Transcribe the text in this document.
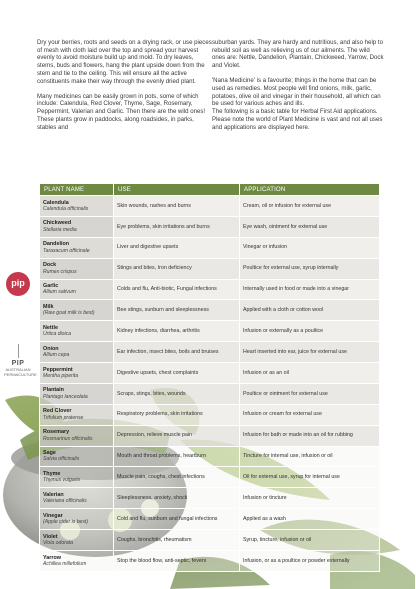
Dry your berries, roots and seeds on a drying rack, or use pieces of mesh with cloth laid over the top and spread your harvest evenly to avoid moisture build up and mold. To dry leaves, stems, buds and flowers, hang the plant upside down from the stem and tie to the ceiling. This will ensure all the active constituents make their way through the evenly dried plant.

Many medicines can be easily grown in pots, some of which include: Calendula, Red Clover, Thyme, Sage, Rosemary, Peppermint, Valerian and Garlic. Then there are the wild ones! These plants grow in paddocks, along roadsides, in parks, stables and

suburban yards. They are hardy and nutritious, and also help to rebuild soil as well as relieving us of our ailments. The wild ones are: Nettle, Dandelion, Plantain, Chickweed, Yarrow, Dock and Violet.

'Nana Medicine' is a favourite; things in the home that can be used as remedies. Most people will find onions, milk, garlic, potatoes, olive oil and vinegar in their household, all which can be used for various aches and ills.

The following is a basic table for Herbal First Aid applications.

Please note the world of Plant Medicine is vast and not all uses and applications are displayed here.

pip
PIP
AUSTRALIAN
PERMACULTURE
PLANT NAME	USE	APPLICATION

Calendula
Calendula officinalis	Skin wounds, rashes and burns	Cream, oil or infusion for external use

Chickweed
Stellaria media	Eye problems, skin irritations and burns	Eye wash, ointment for external use

Dandelion
Taraxacum officinale	Liver and digestive upsets	Vinegar or infusion

Dock
Rumex crispus	Stings and bites, Iron deficiency	Poultice for external use, syrup internally

Garlic
Allium sativum	Colds and flu, Anti-biotic, Fungal infections	Internally used in food or made into a vinegar

Milk
(Raw goat milk is best)	Bee stings, sunburn and sleeplessness	Applied with a cloth or cotton wool

Nettle
Urtica dioica	Kidney infections, diarrhea, arthritis	Infusion or externally as a poultice

Onion
Allium cepa	Ear infection, insect bites, boils and bruises	Heart inserted into ear, juice for external use

Peppermint
Mentha piperita	Digestive upsets, chest complaints	Infusion or as an oil

Plantain
Plantago lanceolata	Scraps, stings, bites, wounds	Poultice or ointment for external use

Red Clover
Trifolium pratense	Respiratory problems, skin irritations	Infusion or cream for external use

Rosemary
Rosmarinus officinalis	Depression, relieve muscle pain	Infusion for bath or made into an oil for rubbing

Sage
Salvia officinalis	Mouth and throat problems, heartburn	Tincture for internal use, infusion or oil

Thyme
Thymus vulgaris	Muscle pain, coughs, chest infections	Oil for external use, syrup for internal use

Valerian
Valeriana officinalis	Sleeplessness, anxiety, shock	Infusion or tincture

Vinegar
(Apple cider is best)	Cold and flu, sunburn and fungal infections	Applied as a wash

Violet
Viola odorata	Coughs, bronchitis, rheumatism	Syrup, tincture, infusion or oil

Yarrow
Achillea millefolium	Stop the blood flow, anti-septic, fevers	Infusion, or as a poultice or powder externally
